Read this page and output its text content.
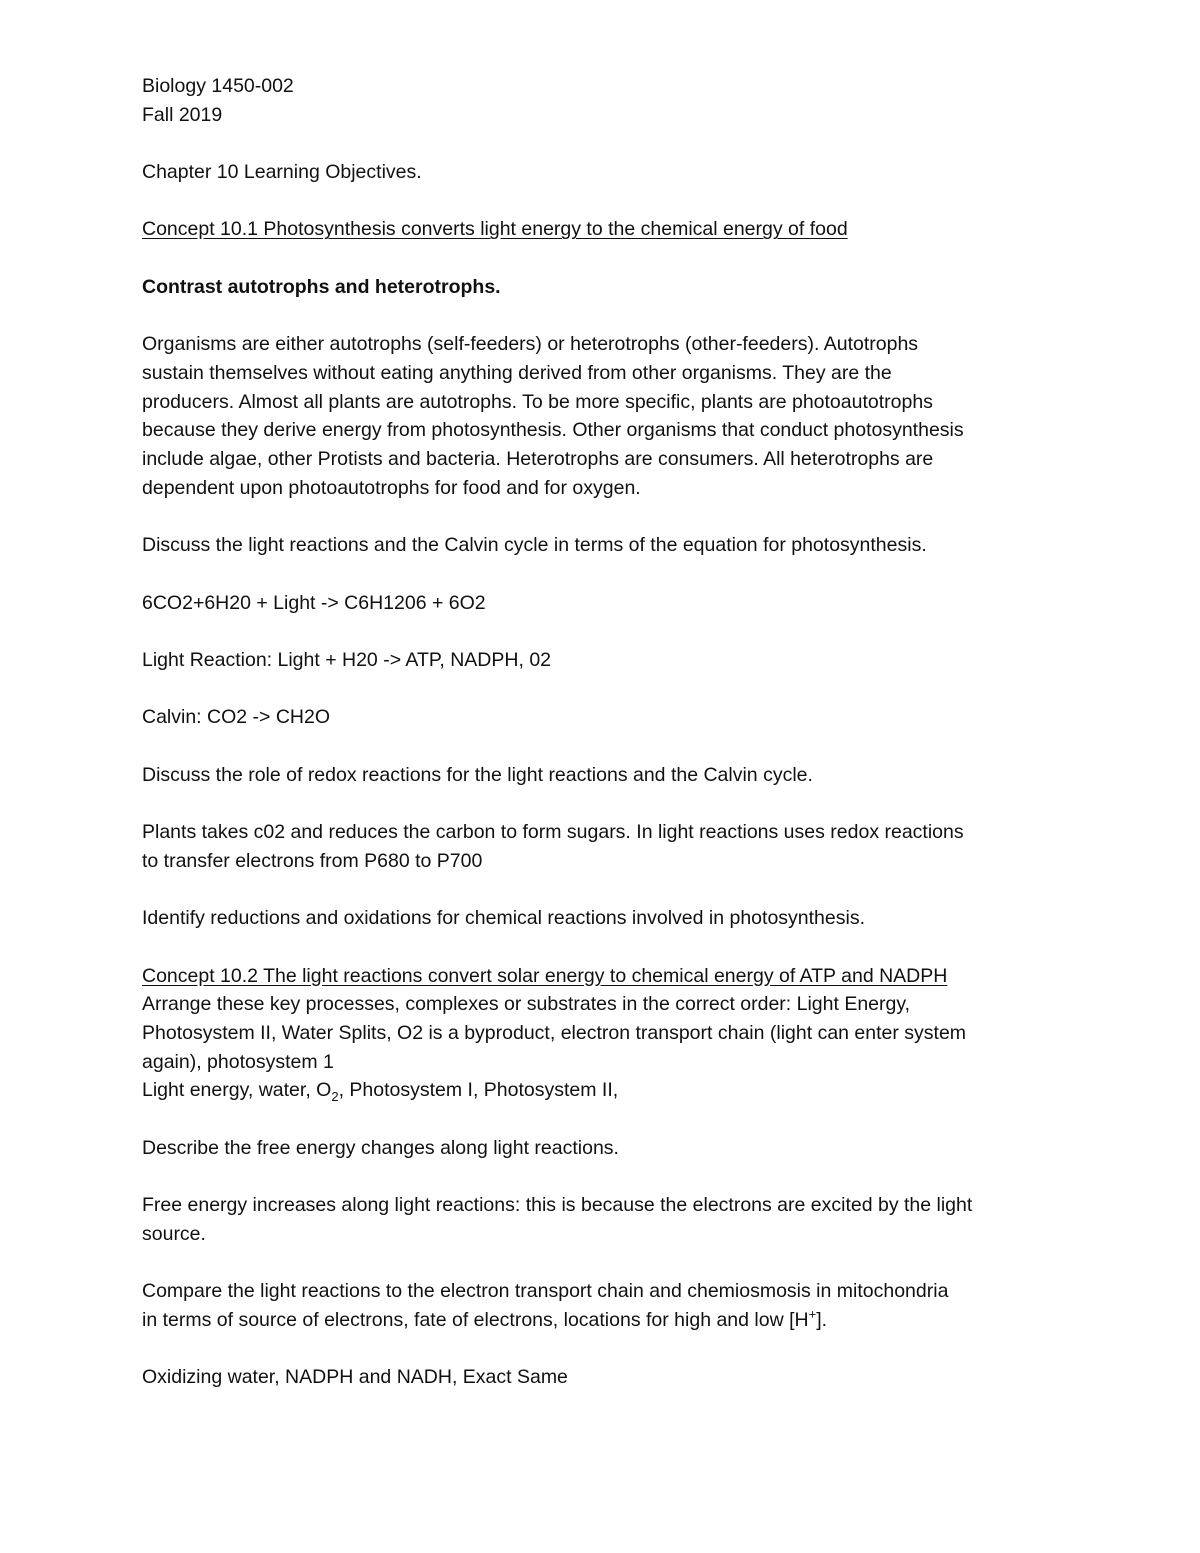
Biology 1450-002
Fall 2019
Chapter 10 Learning Objectives.
Concept 10.1 Photosynthesis converts light energy to the chemical energy of food
Contrast autotrophs and heterotrophs.
Organisms are either autotrophs (self-feeders) or heterotrophs (other-feeders). Autotrophs
sustain themselves without eating anything derived from other organisms. They are the
producers. Almost all plants are autotrophs. To be more specific, plants are photoautotrophs
because they derive energy from photosynthesis. Other organisms that conduct photosynthesis
include algae, other Protists and bacteria. Heterotrophs are consumers. All heterotrophs are
dependent upon photoautotrophs for food and for oxygen.
Discuss the light reactions and the Calvin cycle in terms of the equation for photosynthesis.
6CO2+6H20 + Light -> C6H1206 + 6O2
Light Reaction: Light + H20 -> ATP, NADPH, 02
Calvin: CO2 -> CH2O
Discuss the role of redox reactions for the light reactions and the Calvin cycle.
Plants takes c02 and reduces the carbon to form sugars. In light reactions uses redox reactions
to transfer electrons from P680 to P700
Identify reductions and oxidations for chemical reactions involved in photosynthesis.
Concept 10.2 The light reactions convert solar energy to chemical energy of ATP and NADPH
Arrange these key processes, complexes or substrates in the correct order: Light Energy,
Photosystem II, Water Splits, O2 is a byproduct, electron transport chain (light can enter system
again), photosystem 1
Light energy, water, $O_2$, Photosystem I, Photosystem II,
Describe the free energy changes along light reactions.
Free energy increases along light reactions: this is because the electrons are excited by the light
source.
Compare the light reactions to the electron transport chain and chemiosmosis in mitochondria
in terms of source of electrons, fate of electrons, locations for high and low [H+].
Oxidizing water, NADPH and NADH, Exact Same
